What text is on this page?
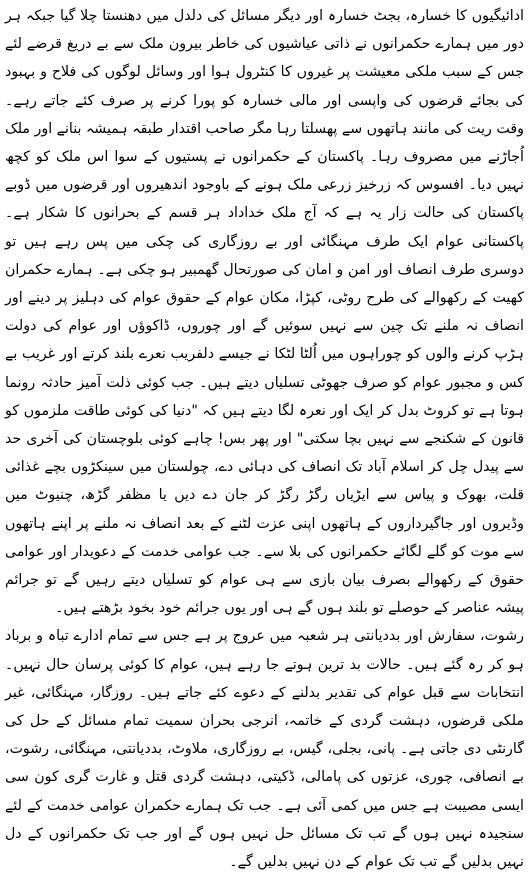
ادائیگیوں کا خسارہ، بجٹ خسارہ اور دیگر مسائل کی دلدل میں دھنستا چلا گیا جبکہ ہر دور میں ہمارے حکمرانوں نے ذاتی عیاشیوں کی خاطر بیرون ملک سے بے دریغ قرضے لئے جس کے سبب ملکی معیشت پر غیروں کا کنٹرول ہوا اور وسائل لوگوں کی فلاح و بہبود کی بجائے قرضوں کی واپسی اور مالی خسارہ کو پورا کرنے پر صرف کئے جاتے رہے۔ وقت ریت کی مانند ہاتھوں سے پھسلتا رہا مگر صاحب اقتدار طبقہ ہمیشہ بنانے اور ملک اُجاڑنے میں مصروف رہا۔ پاکستان کے حکمرانوں نے پستیوں کے سوا اس ملک کو کچھ نہیں دیا۔ افسوس کہ زرخیز زرعی ملک ہونے کے باوجود اندھیروں اور قرضوں میں ڈوبے پاکستان کی حالت زار یہ ہے کہ آج ملک خداداد ہر قسم کے بحرانوں کا شکار ہے۔ پاکستانی عوام ایک طرف مہنگائی اور بے روزگاری کی چکی میں پس رہے ہیں تو دوسری طرف انصاف اور امن و امان کی صورتحال گھمبیر ہو چکی ہے۔ ہمارے حکمران کھیت کے رکھوالے کی طرح روٹی، کپڑا، مکان عوام کے حقوق عوام کی دہلیز پر دینے اور انصاف نہ ملنے تک چین سے نہیں سوئیں گے اور چوروں، ڈاکوؤں اور عوام کی دولت ہڑپ کرنے والوں کو چوراہوں میں اُلٹا لٹکا نے جیسے دلفریب نعرے بلند کرتے اور غریب بے کس و مجبور عوام کو صرف جھوٹی تسلیاں دیتے ہیں۔ جب کوئی ذلت آمیز حادثہ رونما ہوتا ہے تو کروٹ بدل کر ایک اور نعرہ لگا دیتے ہیں کہ "دنیا کی کوئی طاقت ملزموں کو قانون کے شکنجے سے نہیں بچا سکتی" اور پھر بس! چاہے کوئی بلوچستان کی آخری حد سے پیدل چل کر اسلام آباد تک انصاف کی دہائی دے، چولستان میں سینکڑوں بچے غذائی قلت، بھوک و پیاس سے ایڑیاں رگڑ رگڑ کر جان دے دیں یا مظفر گڑھ، چنیوٹ میں وڈیروں اور جاگیرداروں کے ہاتھوں اپنی عزت لٹنے کے بعد انصاف نہ ملنے پر اپنے ہاتھوں سے موت کو گلے لگائے حکمرانوں کی بلا سے۔ جب عوامی خدمت کے دعویدار اور عوامی حقوق کے رکھوالے بصرف بیان بازی سے ہی عوام کو تسلیاں دیتے رہیں گے تو جرائم پیشہ عناصر کے حوصلے تو بلند ہوں گے ہی اور یوں جرائم خود بخود بڑھتے ہیں۔

رشوت، سفارش اور بددیانتی ہر شعبہ میں عروج پر ہے جس سے تمام ادارے تباہ و برباد ہو کر رہ گئے ہیں۔ حالات بد ترین ہوتے جا رہے ہیں، عوام کا کوئی پرسان حال نہیں۔ انتخابات سے قبل عوام کی تقدیر بدلنے کے دعوے کئے جاتے ہیں۔ روزگار، مہنگائی، غیر ملکی قرضوں، دہشت گردی کے خاتمہ، انرجی بحران سمیت تمام مسائل کے حل کی گارنٹی دی جاتی ہے۔ پانی، بجلی، گیس، بے روزگاری، ملاوٹ، بددیانتی، مہنگائی، رشوت، بے انصافی، چوری، عزتوں کی پامالی، ڈکیتی، دہشت گردی قتل و غارت گری کون سی ایسی مصیبت ہے جس میں کمی آئی ہے۔ جب تک ہمارے حکمران عوامی خدمت کے لئے سنجیدہ نہیں ہوں گے تب تک مسائل حل نہیں ہوں گے اور جب تک حکمرانوں کے دل نہیں بدلیں گے تب تک عوام کے دن نہیں بدلیں گے۔
